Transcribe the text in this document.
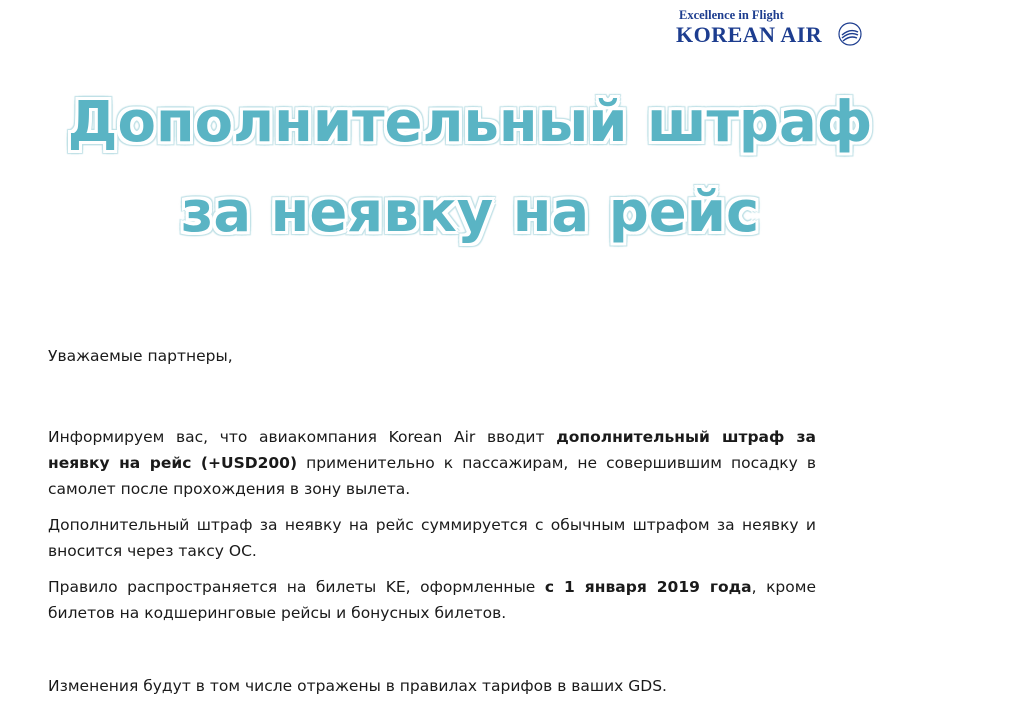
Excellence in Flight
KOREAN AIR
Дополнительный штраф
за неявку на рейс

Уважаемые партнеры,

Информируем вас, что авиакомпания Korean Air вводит дополнительный штраф за неявку на рейс (+USD200) применительно к пассажирам, не совершившим посадку в самолет после прохождения в зону вылета.

Дополнительный штраф за неявку на рейс суммируется с обычным штрафом за неявку и вносится через таксу OC.

Правило распространяется на билеты KE, оформленные с 1 января 2019 года, кроме билетов на кодшеринговые рейсы и бонусных билетов.

Изменения будут в том числе отражены в правилах тарифов в ваших GDS.
